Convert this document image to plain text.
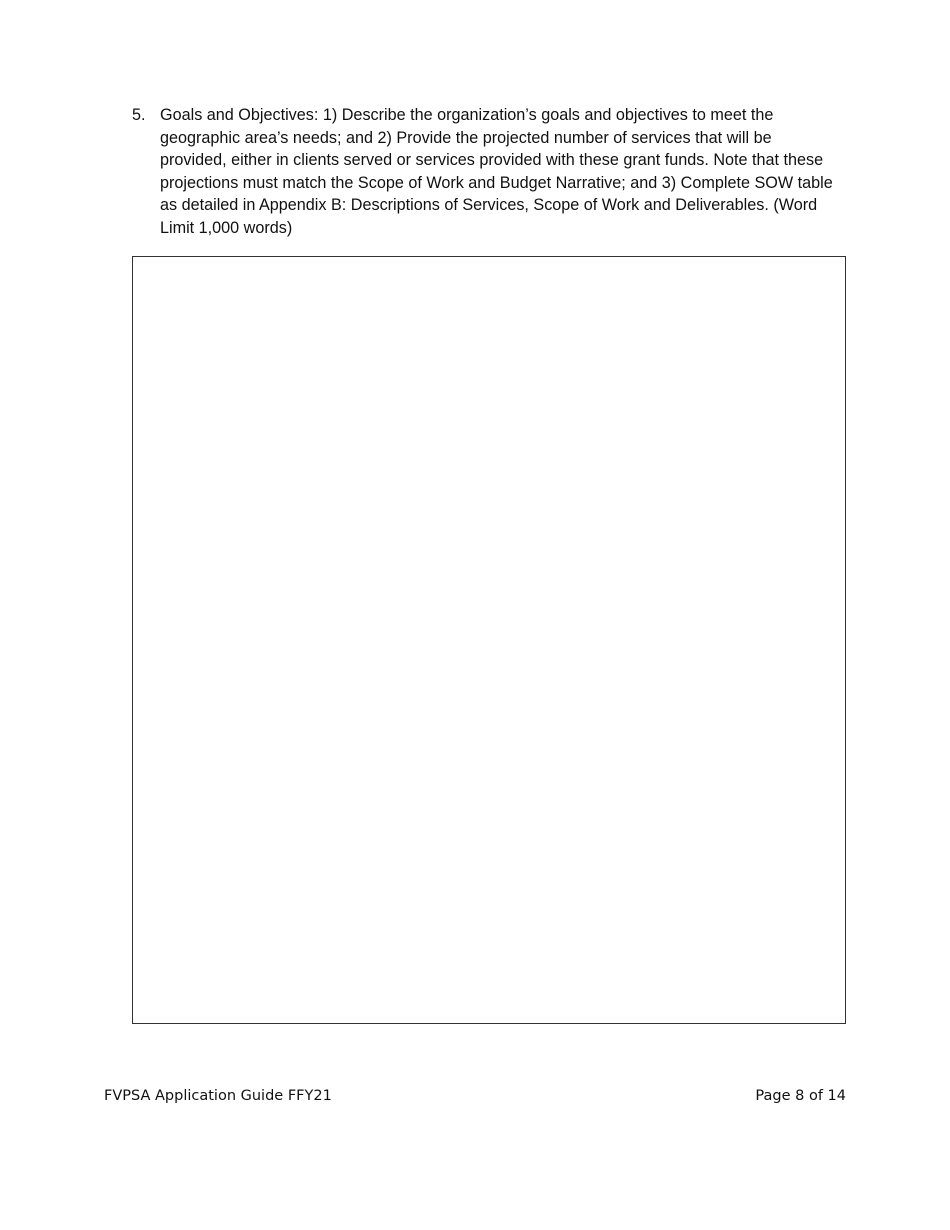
5. Goals and Objectives: 1) Describe the organization’s goals and objectives to meet the geographic area’s needs; and 2) Provide the projected number of services that will be provided, either in clients served or services provided with these grant funds. Note that these projections must match the Scope of Work and Budget Narrative; and 3) Complete SOW table as detailed in Appendix B: Descriptions of Services, Scope of Work and Deliverables. (Word Limit 1,000 words)
FVPSA Application Guide FFY21	Page 8 of 14
